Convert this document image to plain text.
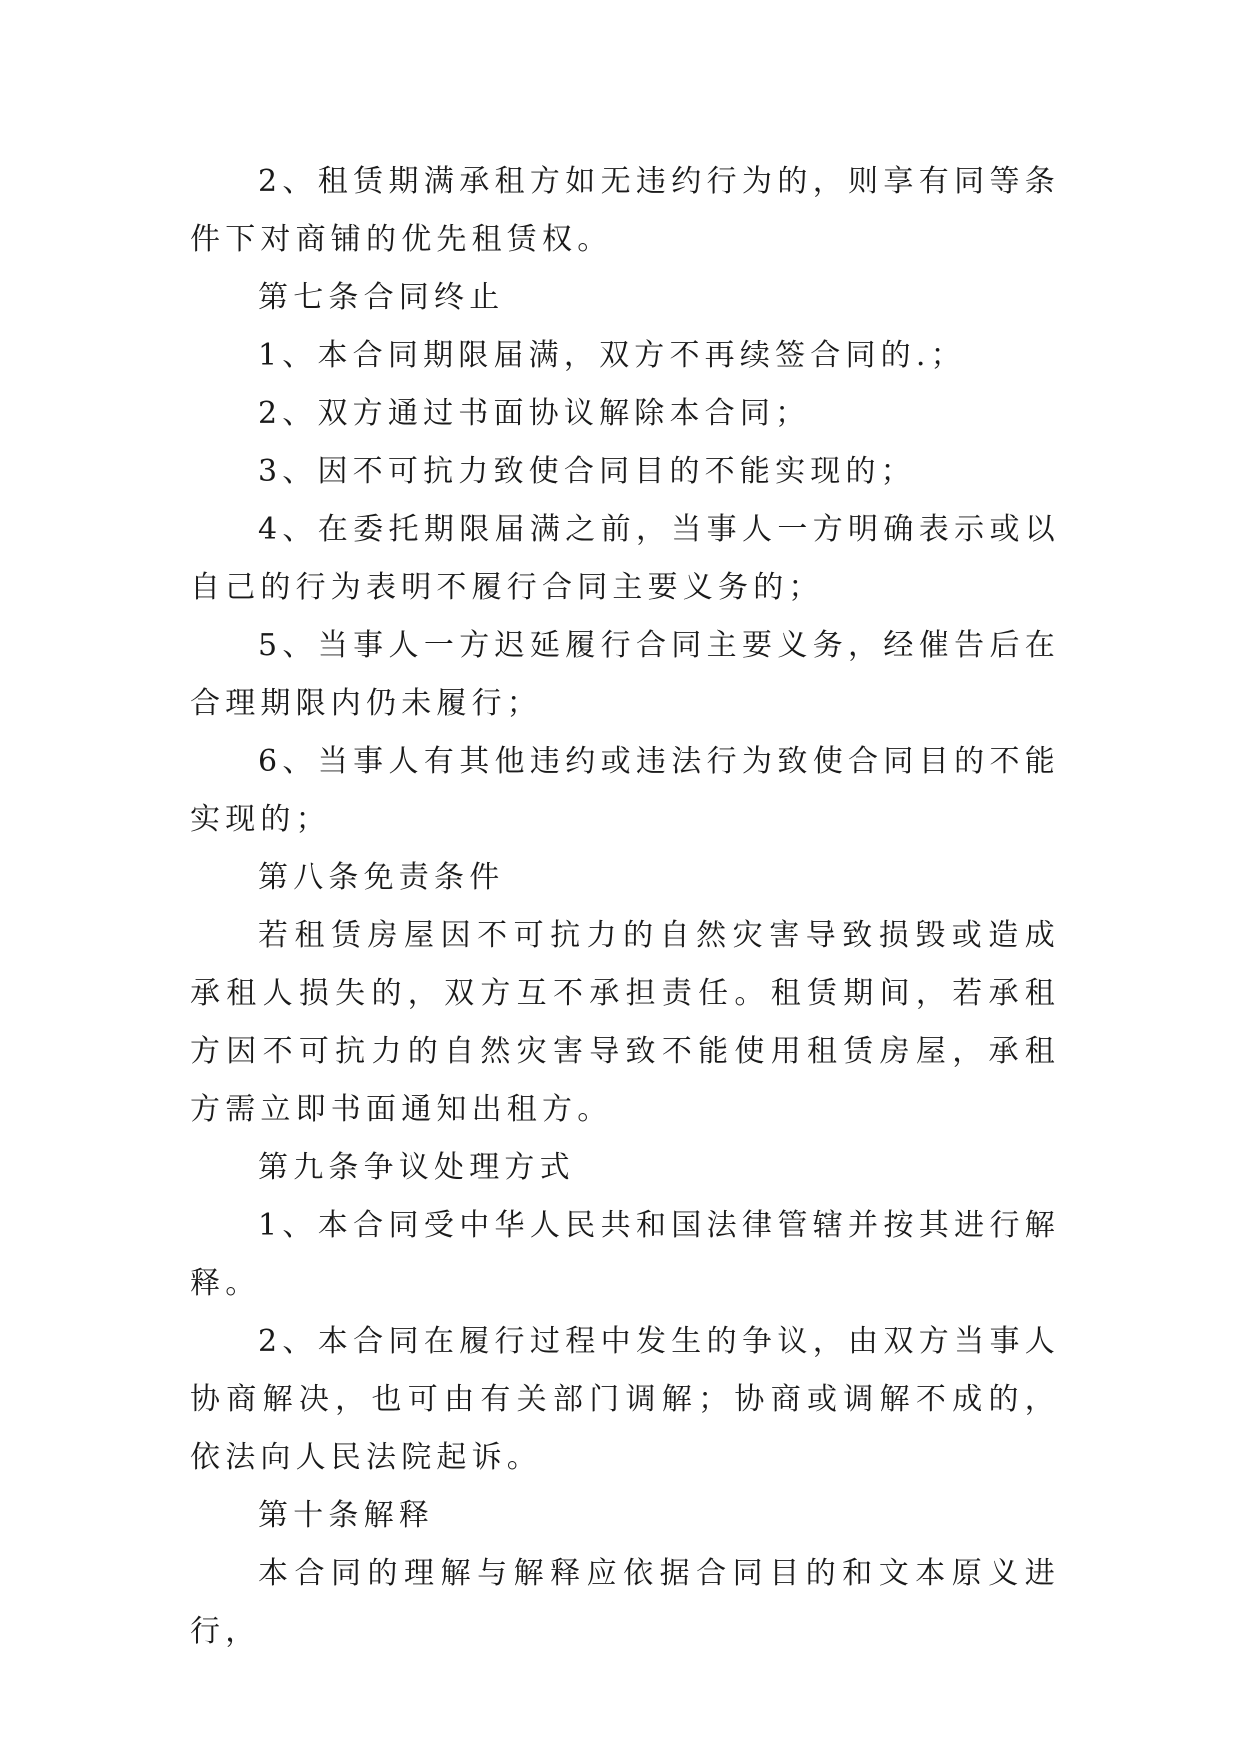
2、租赁期满承租方如无违约行为的，则享有同等条件下对商铺的优先租赁权。

第七条合同终止

1、本合同期限届满，双方不再续签合同的.；

2、双方通过书面协议解除本合同；

3、因不可抗力致使合同目的不能实现的；

4、在委托期限届满之前，当事人一方明确表示或以自己的行为表明不履行合同主要义务的；

5、当事人一方迟延履行合同主要义务，经催告后在合理期限内仍未履行；

6、当事人有其他违约或违法行为致使合同目的不能实现的；

第八条免责条件

若租赁房屋因不可抗力的自然灾害导致损毁或造成承租人损失的，双方互不承担责任。租赁期间，若承租方因不可抗力的自然灾害导致不能使用租赁房屋，承租方需立即书面通知出租方。

第九条争议处理方式

1、本合同受中华人民共和国法律管辖并按其进行解释。

2、本合同在履行过程中发生的争议，由双方当事人协商解决，也可由有关部门调解；协商或调解不成的，依法向人民法院起诉。

第十条解释

本合同的理解与解释应依据合同目的和文本原义进行，
